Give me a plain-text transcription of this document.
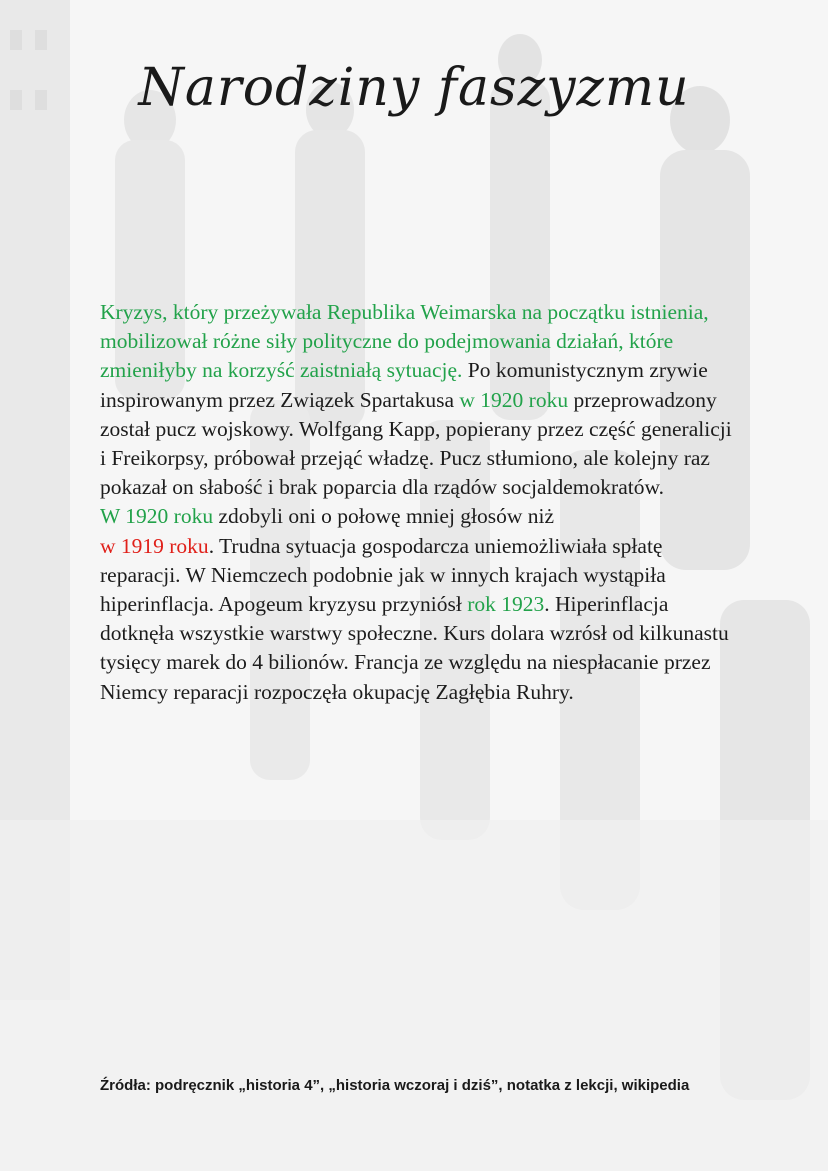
Narodziny faszyzmu

Kryzys, który przeżywała Republika Weimarska na początku istnienia, mobilizował różne siły polityczne do podejmowania działań, które zmieniłyby na korzyść zaistniałą sytuację. Po komunistycznym zrywie inspirowanym przez Związek Spartakusa w 1920 roku przeprowadzony został pucz wojskowy. Wolfgang Kapp, popierany przez część generalicji i Freikorpsy, próbował przejąć władzę. Pucz stłumiono, ale kolejny raz pokazał on słabość i brak poparcia dla rządów socjaldemokratów.
W 1920 roku zdobyli oni o połowę mniej głosów niż
w 1919 roku. Trudna sytuacja gospodarcza uniemożliwiała spłatę reparacji. W Niemczech podobnie jak w innych krajach wystąpiła hiperinflacja. Apogeum kryzysu przyniósł rok 1923. Hiperinflacja dotknęła wszystkie warstwy społeczne. Kurs dolara wzrósł od kilkunastu tysięcy marek do 4 bilionów. Francja ze względu na niespłacanie przez Niemcy reparacji rozpoczęła okupację Zagłębia Ruhry.

Źródła: podręcznik „historia 4”, „historia wczoraj i dziś”, notatka z lekcji, wikipedia
